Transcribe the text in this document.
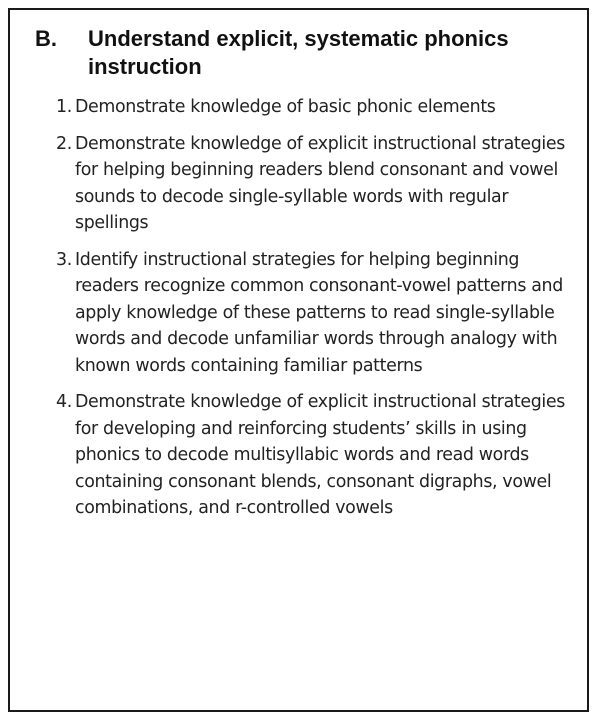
B.	Understand explicit, systematic phonics instruction
1. Demonstrate knowledge of basic phonic elements
2. Demonstrate knowledge of explicit instructional strategies for helping beginning readers blend consonant and vowel sounds to decode single-syllable words with regular spellings
3. Identify instructional strategies for helping beginning readers recognize common consonant-vowel patterns and apply knowledge of these patterns to read single-syllable words and decode unfamiliar words through analogy with known words containing familiar patterns
4. Demonstrate knowledge of explicit instructional strategies for developing and reinforcing students’ skills in using phonics to decode multisyllabic words and read words containing consonant blends, consonant digraphs, vowel combinations, and r-controlled vowels
